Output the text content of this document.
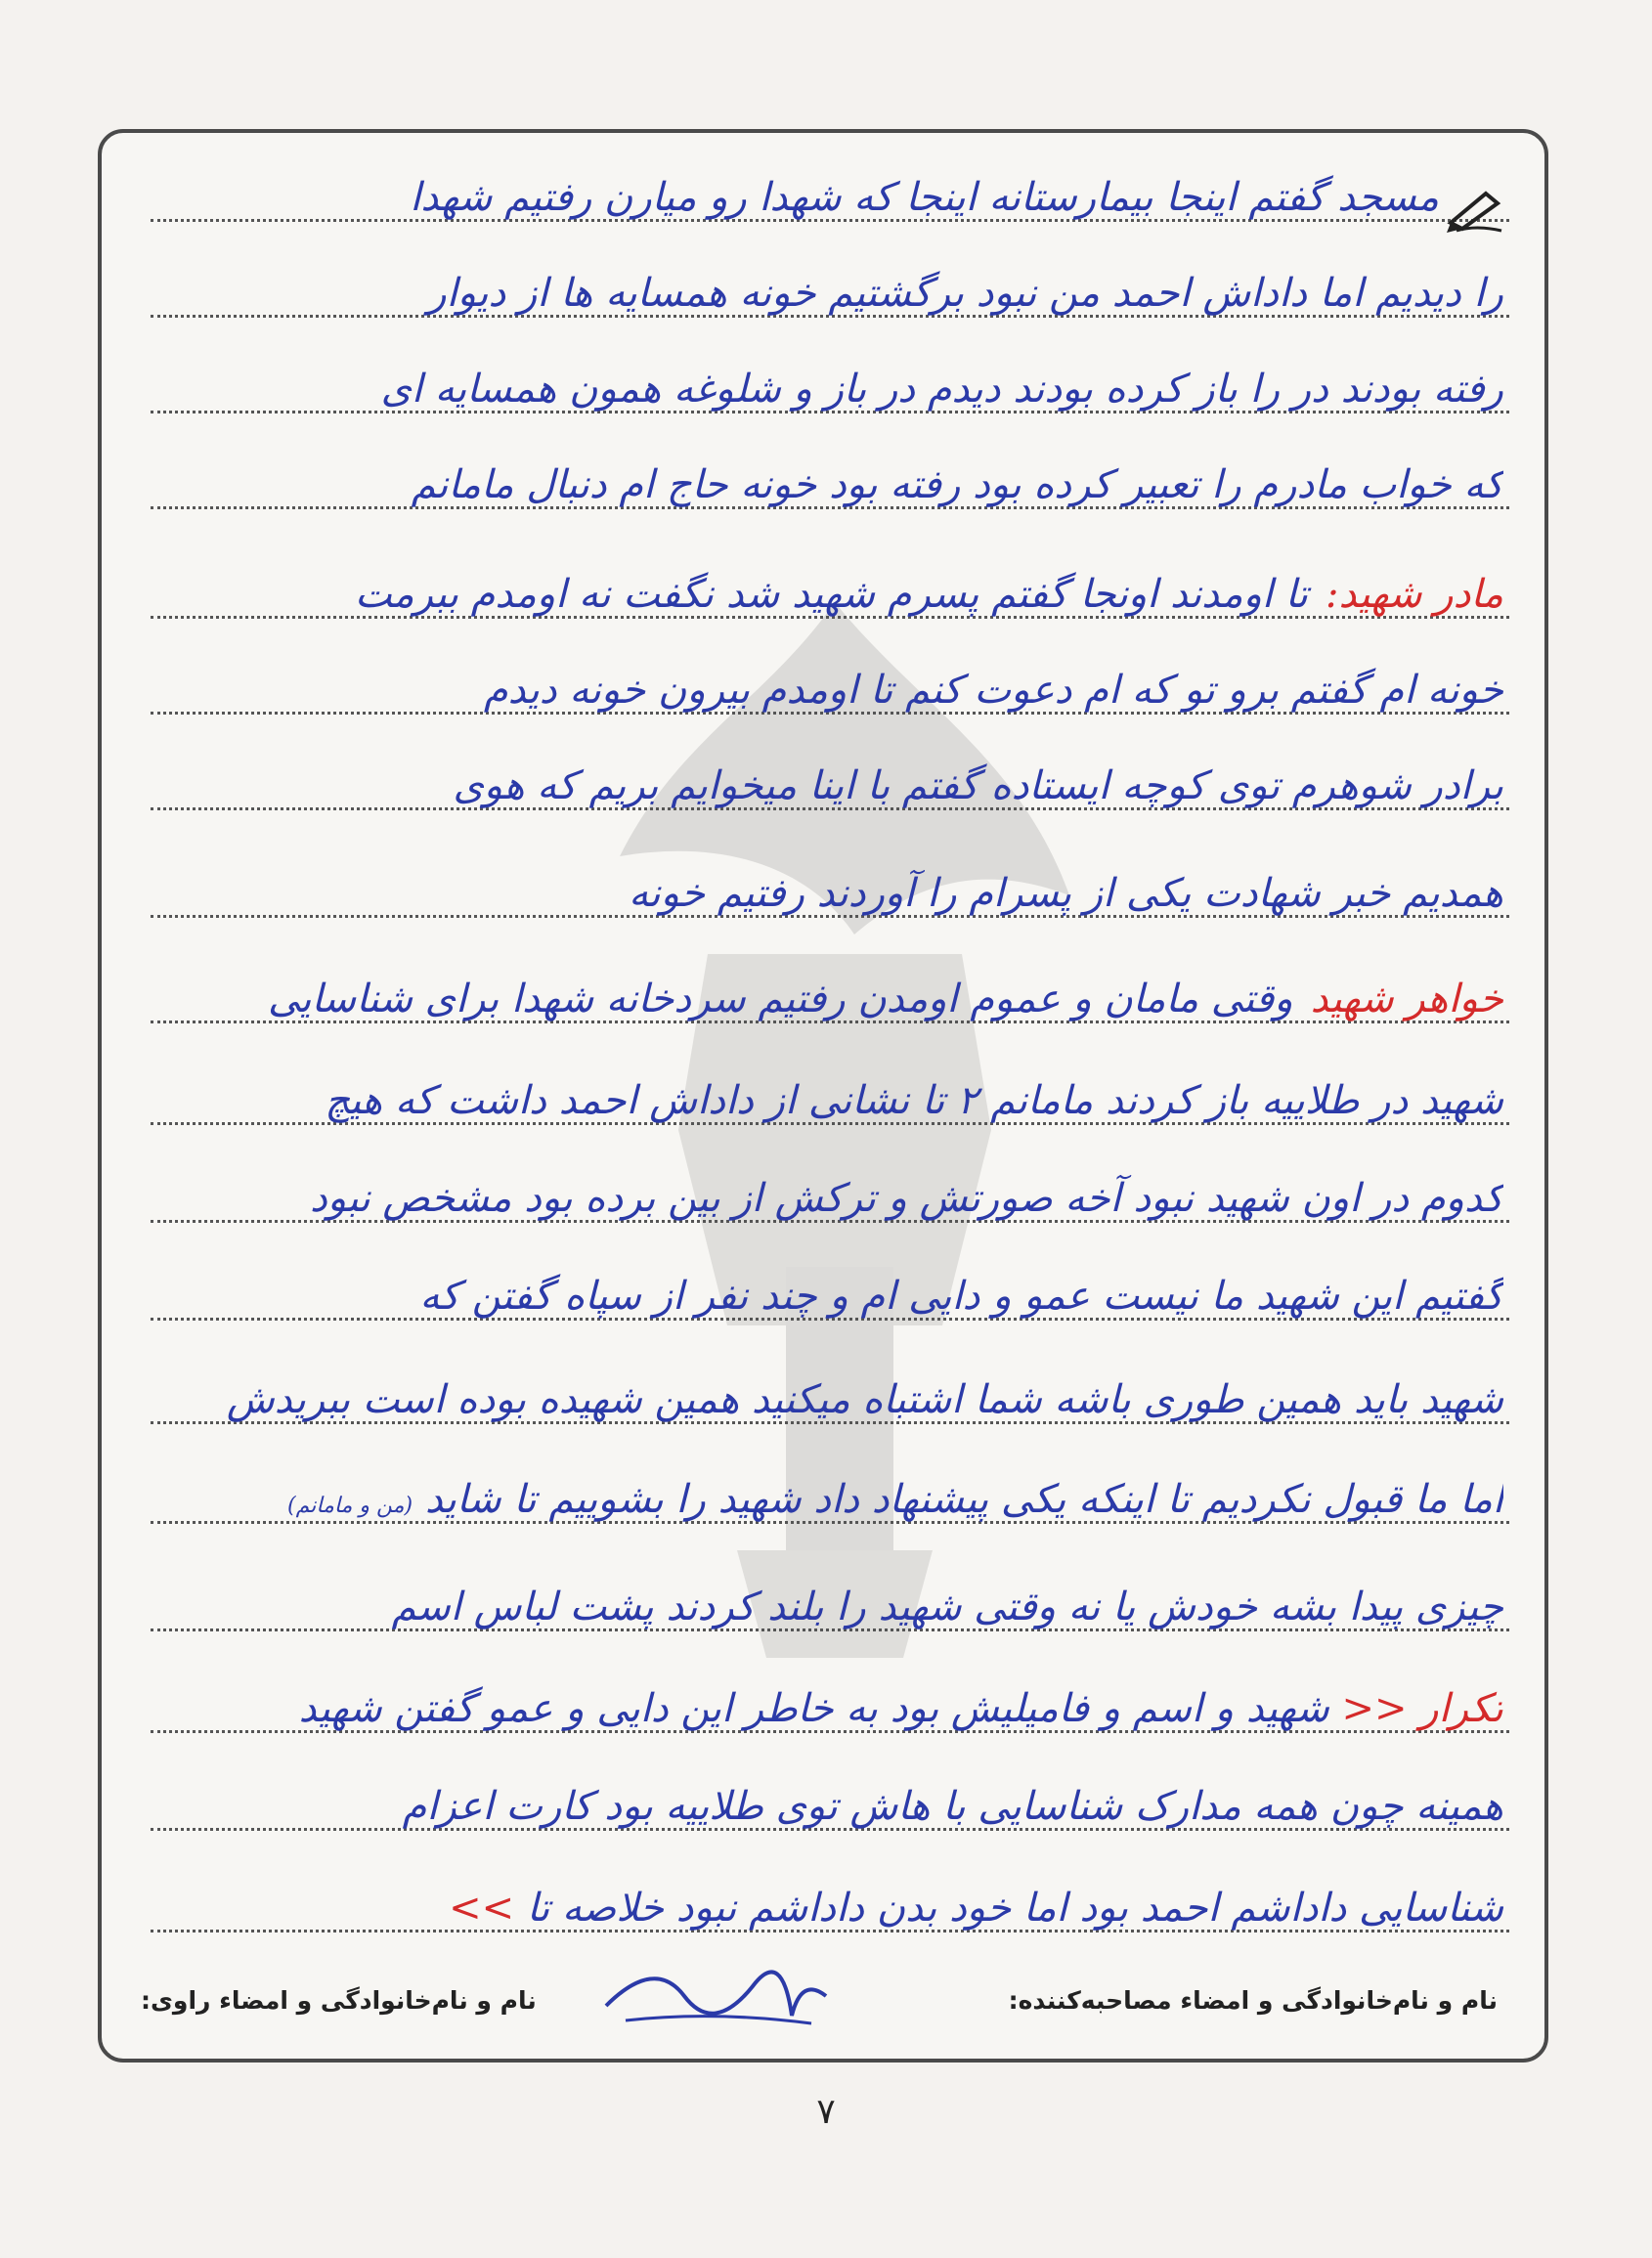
مسجد گفتم اینجا بیمارستانه اینجا که شهدا رو میارن رفتیم شهدا
را دیدیم اما داداش احمد من نبود برگشتیم خونه همسایه ها از دیوار
رفته بودند در را باز کرده بودند دیدم در باز و شلوغه همون همسایه ای
که خواب مادرم را تعبیر کرده بود رفته بود خونه حاج ام دنبال مامانم
مادر شهید:تا اومدند اونجا گفتم پسرم شهید شد نگفت نه اومدم ببرمت
خونه ام گفتم برو تو که ام دعوت کنم تا اومدم بیرون خونه دیدم
برادر شوهرم توی کوچه ایستاده گفتم با اینا میخوایم بریم که هوی
همدیم خبر شهادت یکی از پسرام را آوردند رفتیم خونه
خواهر شهیدوقتی مامان و عموم اومدن رفتیم سردخانه شهدا برای شناسایی
شهید در طلاییه باز کردند مامانم ۲ تا نشانی از داداش احمد داشت که هیچ
کدوم در اون شهید نبود آخه صورتش و ترکش از بین برده بود مشخص نبود
گفتیم این شهید ما نیست عمو و دایی ام و چند نفر از سپاه گفتن که
شهید باید همین طوری باشه شما اشتباه میکنید همین شهیده بوده است ببریدش
اما ما قبول نکردیم تا اینکه یکی پیشنهاد داد شهید را بشوییم تا شاید (من و مامانم)
چیزی پیدا بشه خودش یا نه وقتی شهید را بلند کردند پشت لباس اسم
تکرار << شهید و اسم و فامیلیش بود به خاطر این دایی و عمو گفتن شهید
همینه چون همه مدارک شناسایی با هاش توی طلاییه بود کارت اعزام
شناسایی داداشم احمد بود اما خود بدن داداشم نبود خلاصه تا >>
نام و نام‌خانوادگی و امضاء مصاحبه‌کننده:
نام و نام‌خانوادگی و امضاء راوی:
۷
